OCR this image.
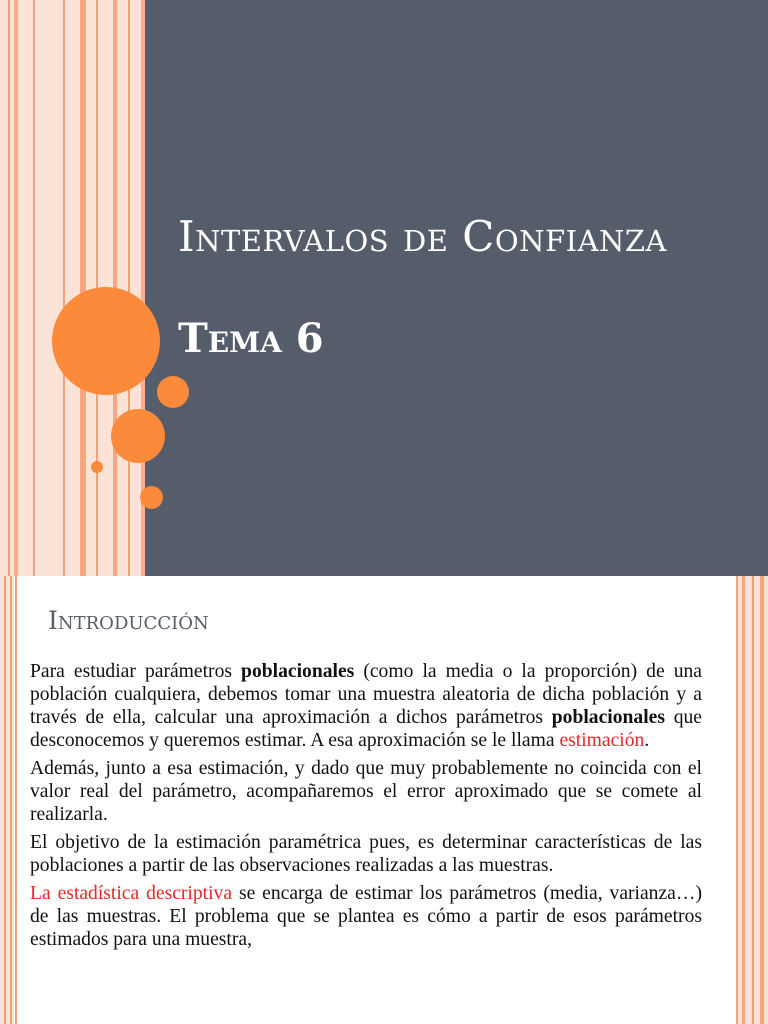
Intervalos de Confianza
Tema 6
Introducción

Para estudiar parámetros poblacionales (como la media o la proporción) de una población cualquiera, debemos tomar una muestra aleatoria de dicha población y a través de ella, calcular una aproximación a dichos parámetros poblacionales que desconocemos y queremos estimar. A esa aproximación se le llama estimación.

Además, junto a esa estimación, y dado que muy probablemente no coincida con el valor real del parámetro, acompañaremos el error aproximado que se comete al realizarla.

El objetivo de la estimación paramétrica pues, es determinar características de las poblaciones a partir de las observaciones realizadas a las muestras.

La estadística descriptiva se encarga de estimar los parámetros (media, varianza…) de las muestras. El problema que se plantea es cómo a partir de esos parámetros estimados para una muestra,
